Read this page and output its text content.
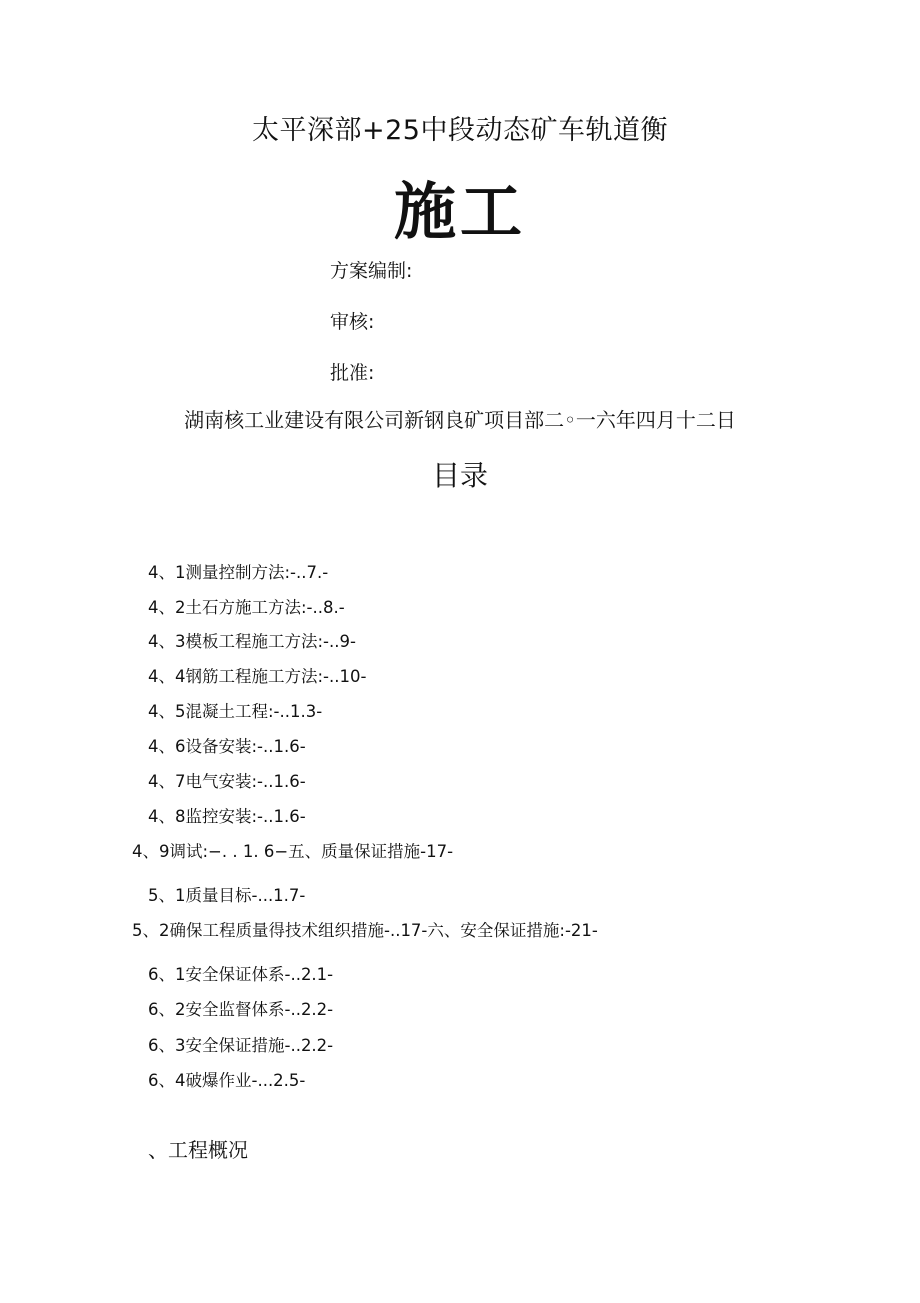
太平深部+25中段动态矿车轨道衡
施工
方案编制:
审核:
批准:
湖南核工业建设有限公司新钢良矿项目部二◦一六年四月十二日
目录
4、1测量控制方法:-..7.-
4、2土石方施工方法:-..8.-
4、3模板工程施工方法:-..9-
4、4钢筋工程施工方法:-..10-
4、5混凝土工程:-..1.3-
4、6设备安装:-..1.6-
4、7电气安装:-..1.6-
4、8监控安装:-..1.6-
4、9调试:−. . 1. 6−五、质量保证措施-17-
5、1质量目标-...1.7-
5、2确保工程质量得技术组织措施-..17-六、安全保证措施:-21-
6、1安全保证体系-..2.1-
6、2安全监督体系-..2.2-
6、3安全保证措施-..2.2-
6、4破爆作业-...2.5-
、工程概况
